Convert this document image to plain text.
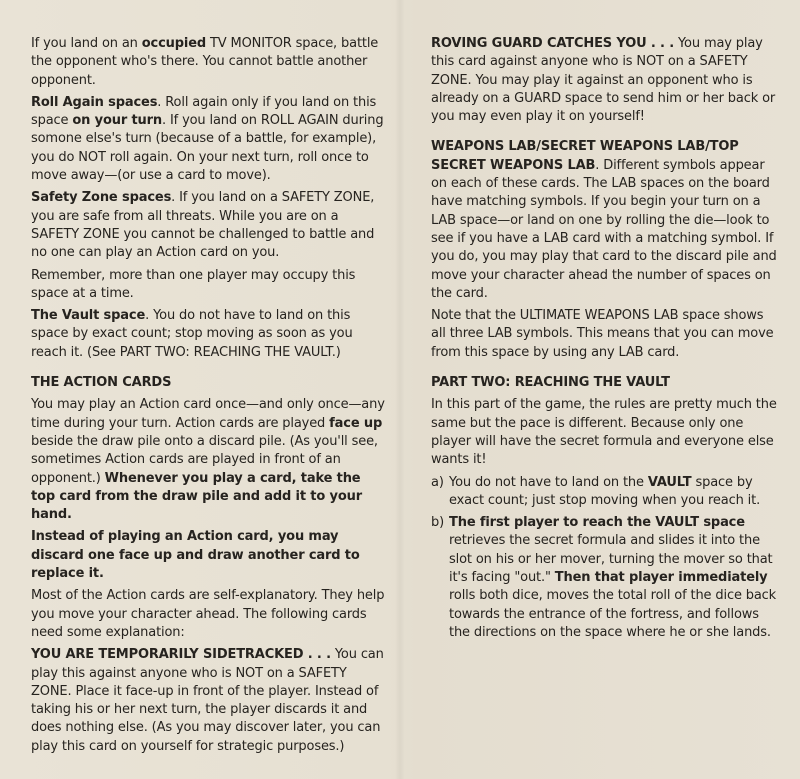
If you land on an occupied TV MONITOR space, battle the opponent who's there. You cannot battle another opponent.

Roll Again spaces. Roll again only if you land on this space on your turn. If you land on ROLL AGAIN during somone else's turn (because of a battle, for example), you do NOT roll again. On your next turn, roll once to move away—(or use a card to move).

Safety Zone spaces. If you land on a SAFETY ZONE, you are safe from all threats. While you are on a SAFETY ZONE you cannot be challenged to battle and no one can play an Action card on you.

Remember, more than one player may occupy this space at a time.

The Vault space. You do not have to land on this space by exact count; stop moving as soon as you reach it. (See PART TWO: REACHING THE VAULT.)

THE ACTION CARDS

You may play an Action card once—and only once—any time during your turn. Action cards are played face up beside the draw pile onto a discard pile. (As you'll see, sometimes Action cards are played in front of an opponent.) Whenever you play a card, take the top card from the draw pile and add it to your hand.

Instead of playing an Action card, you may discard one face up and draw another card to replace it.

Most of the Action cards are self-explanatory. They help you move your character ahead. The following cards need some explanation:

YOU ARE TEMPORARILY SIDETRACKED . . . You can play this against anyone who is NOT on a SAFETY ZONE. Place it face-up in front of the player. Instead of taking his or her next turn, the player discards it and does nothing else. (As you may discover later, you can play this card on yourself for strategic purposes.)

ROVING GUARD CATCHES YOU . . . You may play this card against anyone who is NOT on a SAFETY ZONE. You may play it against an opponent who is already on a GUARD space to send him or her back or you may even play it on yourself!

WEAPONS LAB/SECRET WEAPONS LAB/TOP SECRET WEAPONS LAB. Different symbols appear on each of these cards. The LAB spaces on the board have matching symbols. If you begin your turn on a LAB space—or land on one by rolling the die—look to see if you have a LAB card with a matching symbol. If you do, you may play that card to the discard pile and move your character ahead the number of spaces on the card.

Note that the ULTIMATE WEAPONS LAB space shows all three LAB symbols. This means that you can move from this space by using any LAB card.

PART TWO: REACHING THE VAULT

In this part of the game, the rules are pretty much the same but the pace is different. Because only one player will have the secret formula and everyone else wants it!

a) You do not have to land on the VAULT space by exact count; just stop moving when you reach it.
b) The first player to reach the VAULT space retrieves the secret formula and slides it into the slot on his or her mover, turning the mover so that it's facing "out." Then that player immediately rolls both dice, moves the total roll of the dice back towards the entrance of the fortress, and follows the directions on the space where he or she lands.
